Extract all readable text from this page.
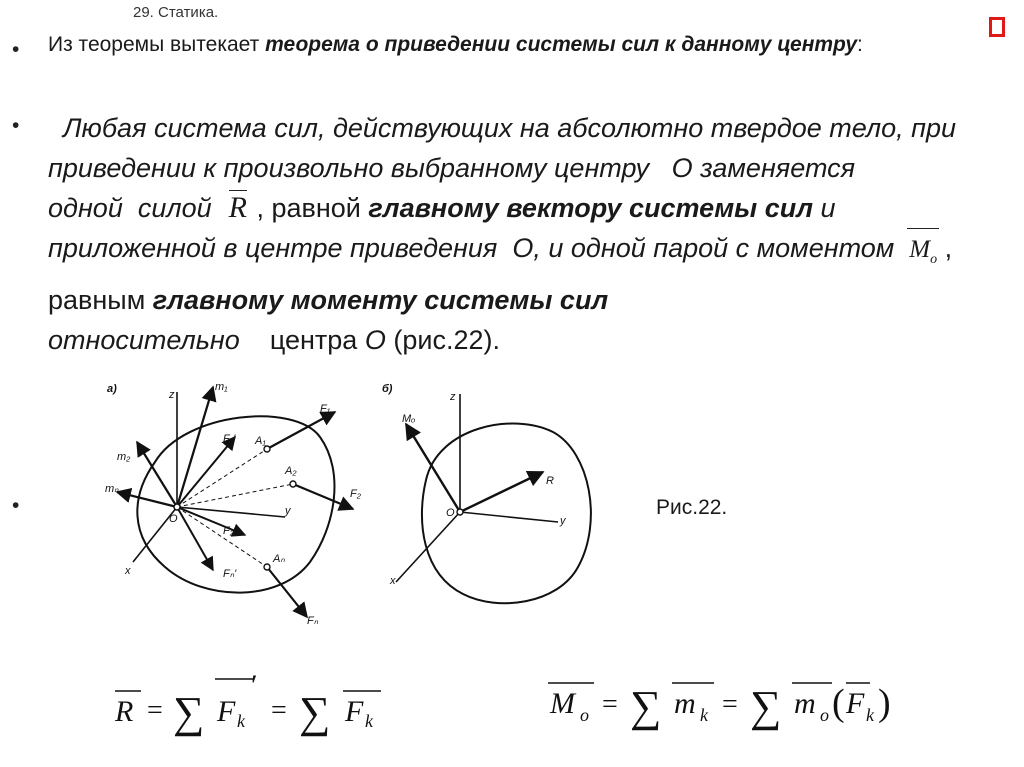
29. Статика.
• Из теоремы вытекает теорема о приведении системы сил к данному центру:
•	Любая система сил, действующих на абсолютно твердое тело, при приведении к произвольно выбранному центру О заменяется одной силой R , равной главному вектору системы сил и приложенной в центре приведения О, и одной парой с моментом $M_o$ , равным главному моменту системы сил относительно центра О (рис.22).
а)	z
y
x
O
F₁
F₂
Fₙ
F₁'
F₂'
Fₙ'
A₁
A₂
Aₙ
m₁
m₂
mₙ
б)
z
y
x
O
Mₒ
R
•	Рис.22.
R = ∑ F k
′
= ∑ F k
M o = ∑ m k = ∑ m o ( F k )
